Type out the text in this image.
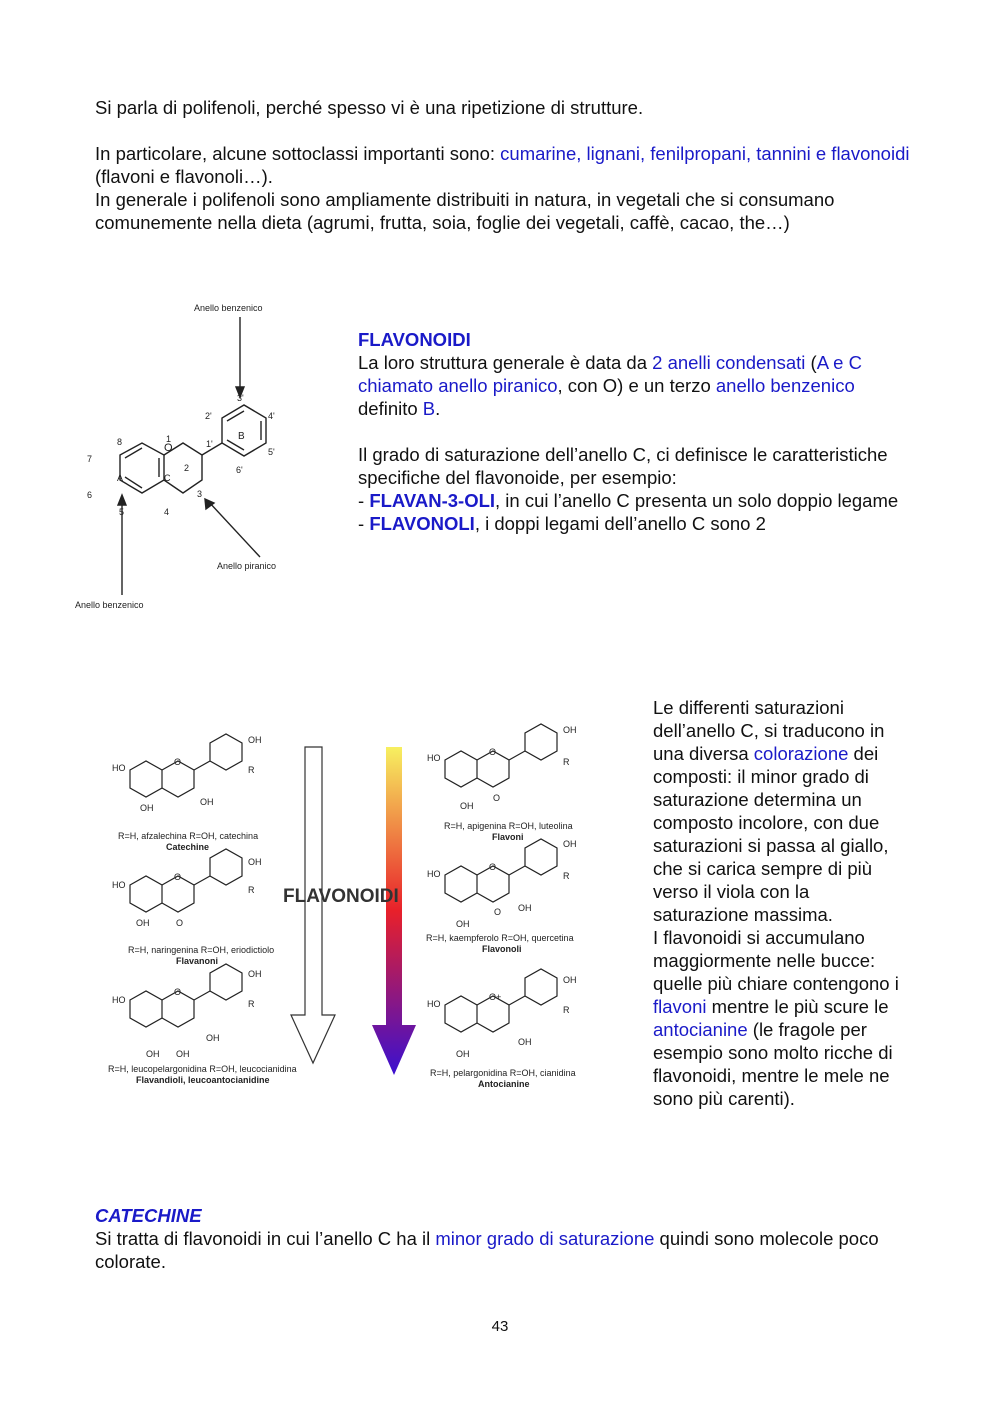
Si parla di polifenoli, perché spesso vi è una ripetizione di strutture.

In particolare, alcune sottoclassi importanti sono: cumarine, lignani, fenilpropani, tannini e flavonoidi (flavoni e flavonoli…).
In generale i polifenoli sono ampliamente distribuiti in natura, in vegetali che si consumano comunemente nella dieta (agrumi, frutta, soia, foglie dei vegetali, caffè, cacao, the…)

Anello benzenico
Anello benzenico
Anello piranico
A
B
C
O
1
2
3
4
5
6
7
8	1'
2'
3'
4'
5'
6'

FLAVONOIDI

La loro struttura generale è data da 2 anelli condensati (A e C chiamato anello piranico, con O) e un terzo anello benzenico definito B.

Il grado di saturazione dell’anello C, ci definisce le caratteristiche specifiche del flavonoide, per esempio:

- FLAVAN-3-OLI, in cui l’anello C presenta un solo doppio legame

- FLAVONOLI, i doppi legami dell’anello C sono 2

FLAVONOIDI
HO
OH
R
O
OH
OH
R=H, afzalechina R=OH, catechina
Catechine
HO
OH
R
O
OH	O
R=H, naringenina R=OH, eriodictiolo
Flavanoni
HO
OH
R
O
OH OH
OH
R=H, leucopelargonidina R=OH, leucocianidina
Flavandioli, leucoantocianidine
HO
OH
R
O
OH
O
R=H, apigenina R=OH, luteolina
Flavoni
HO
OH
R
O
OH
O OH
R=H, kaempferolo R=OH, quercetina
Flavonoli
HO
OH
R
O+
OH
OH
R=H, pelargonidina R=OH, cianidina
Antocianine

Le differenti saturazioni dell’anello C, si traducono in una diversa colorazione dei composti: il minor grado di saturazione determina un composto incolore, con due saturazioni si passa al giallo, che si carica sempre di più verso il viola con la saturazione massima.
I flavonoidi si accumulano maggiormente nelle bucce: quelle più chiare contengono i flavoni mentre le più scure le antocianine (le fragole per esempio sono molto ricche di flavonoidi, mentre le mele ne sono più carenti).

CATECHINE

Si tratta di flavonoidi in cui l’anello C ha il minor grado di saturazione quindi sono molecole poco colorate.

43
